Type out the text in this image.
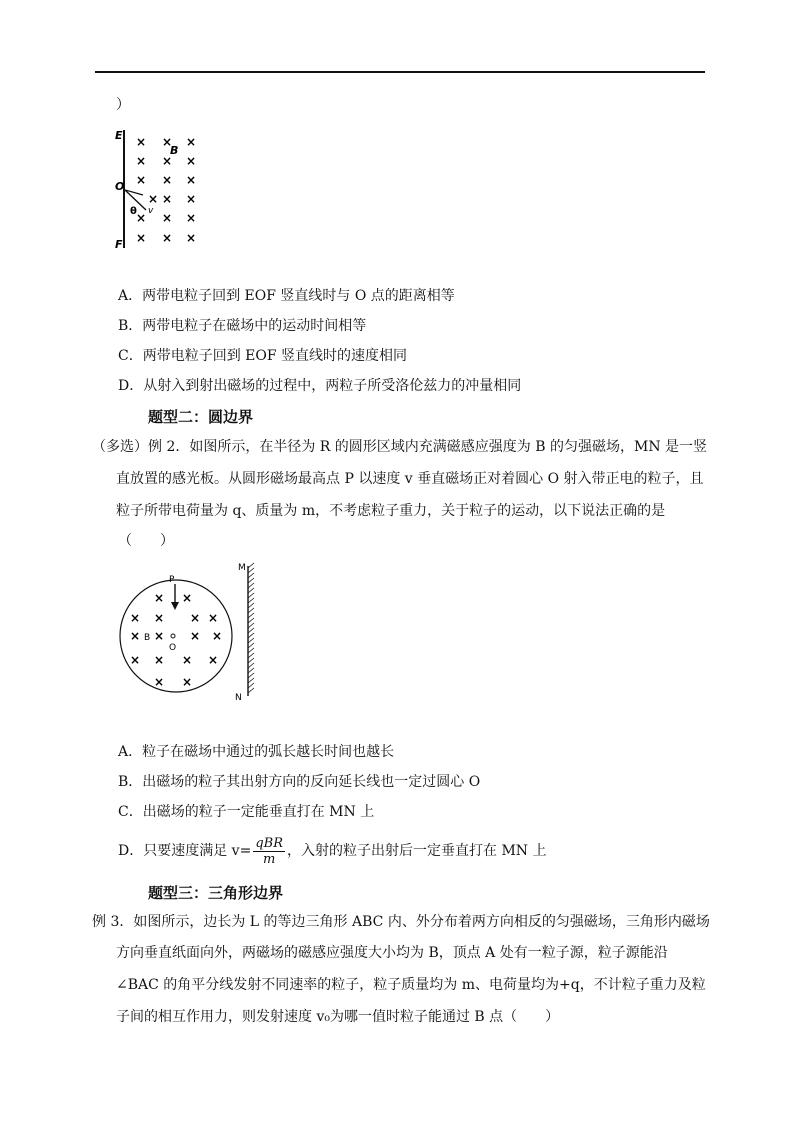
）
E
O
F
B
θ v
× × ×
× × ×
× × ×
× ×
× × ×
× × ×
×
A．两带电粒子回到 EOF 竖直线时与 O 点的距离相等
B．两带电粒子在磁场中的运动时间相等
C．两带电粒子回到 EOF 竖直线时的速度相同
D．从射入到射出磁场的过程中，两粒子所受洛伦兹力的冲量相同
题型二：圆边界
（多选）例 2．如图所示，在半径为 R 的圆形区域内充满磁感应强度为 B 的匀强磁场，MN 是一竖
直放置的感光板。从圆形磁场最高点 P 以速度 v 垂直磁场正对着圆心 O 射入带正电的粒子，且
粒子所带电荷量为 q、质量为 m，不考虑粒子重力，关于粒子的运动，以下说法正确的是
（　　）
P
B
O
M
N
× ×
× × ×
×	×
× ×
× × × ×
× ×
×
A．粒子在磁场中通过的弧长越长时间也越长
B．出磁场的粒子其出射方向的反向延长线也一定过圆心 O
C．出磁场的粒子一定能垂直打在 MN 上
D．只要速度满足 $v= \frac{\text{qBR}}{m}$ ，入射的粒子出射后一定垂直打在 MN 上
题型三：三角形边界
例 3．如图所示，边长为 L 的等边三角形 ABC 内、外分布着两方向相反的匀强磁场，三角形内磁场
方向垂直纸面向外，两磁场的磁感应强度大小均为 B，顶点 A 处有一粒子源，粒子源能沿
∠BAC 的角平分线发射不同速率的粒子，粒子质量均为 m、电荷量均为+q，不计粒子重力及粒
子间的相互作用力，则发射速度 v₀为哪一值时粒子能通过 B 点（　　）
